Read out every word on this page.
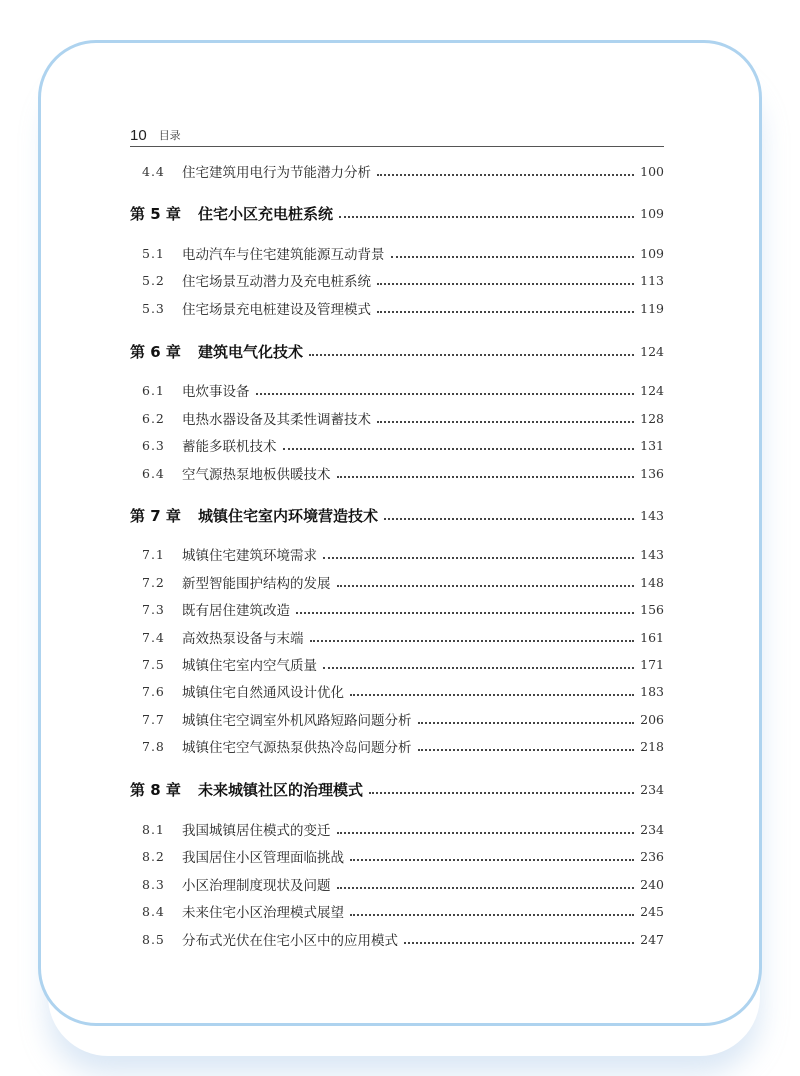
10 目录
4.4	住宅建筑用电行为节能潜力分析	100
第 5 章	住宅小区充电桩系统	109
5.1	电动汽车与住宅建筑能源互动背景	109
5.2	住宅场景互动潜力及充电桩系统	113
5.3	住宅场景充电桩建设及管理模式	119
第 6 章	建筑电气化技术	124
6.1	电炊事设备	124
6.2	电热水器设备及其柔性调蓄技术	128
6.3	蓄能多联机技术	131
6.4	空气源热泵地板供暖技术	136
第 7 章	城镇住宅室内环境营造技术	143
7.1	城镇住宅建筑环境需求	143
7.2	新型智能围护结构的发展	148
7.3	既有居住建筑改造	156
7.4	高效热泵设备与末端	161
7.5	城镇住宅室内空气质量	171
7.6	城镇住宅自然通风设计优化	183
7.7	城镇住宅空调室外机风路短路问题分析	206
7.8	城镇住宅空气源热泵供热冷岛问题分析	218
第 8 章	未来城镇社区的治理模式	234
8.1	我国城镇居住模式的变迁	234
8.2	我国居住小区管理面临挑战	236
8.3	小区治理制度现状及问题	240
8.4	未来住宅小区治理模式展望	245
8.5	分布式光伏在住宅小区中的应用模式	247
